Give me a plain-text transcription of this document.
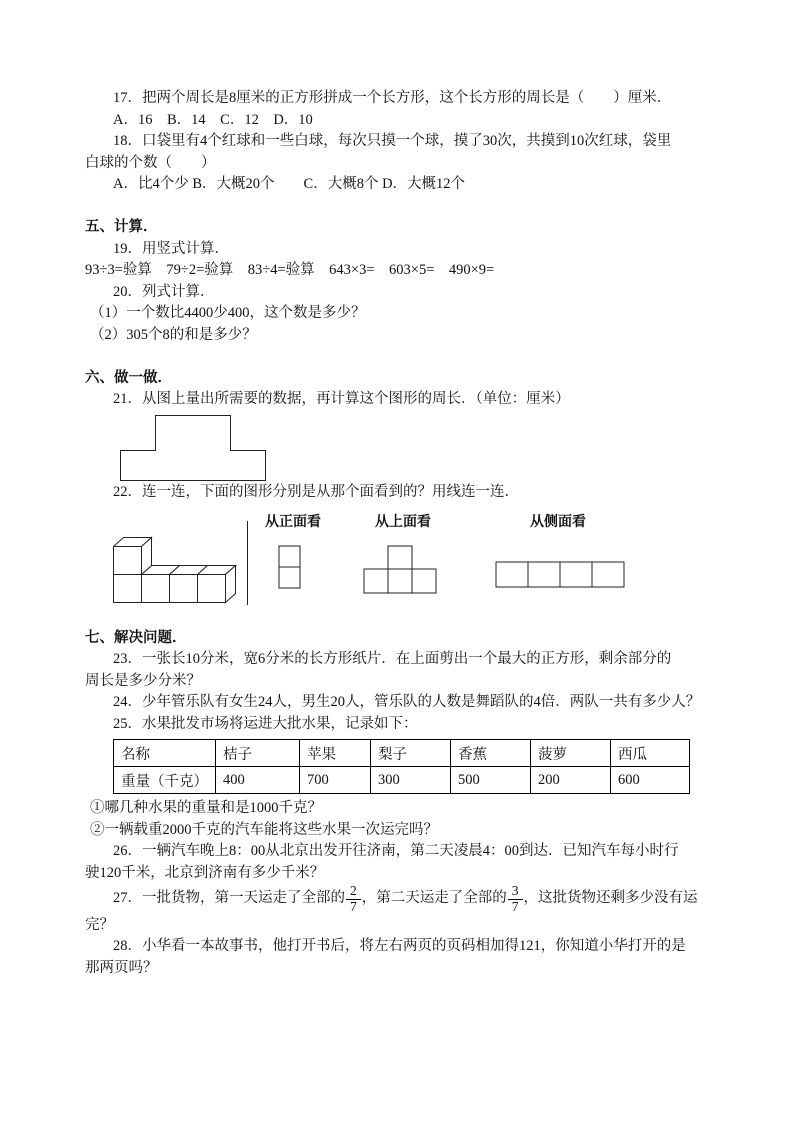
17．把两个周长是8厘米的正方形拼成一个长方形，这个长方形的周长是（　　）厘米．

A．16　B．14　C．12　D．10

18．口袋里有4个红球和一些白球，每次只摸一个球，摸了30次，共摸到10次红球，袋里

白球的个数（　　）

A．比4个少 B．大概20个　　C．大概8个 D．大概12个

五、计算．

19．用竖式计算．

93÷3=验算　79÷2=验算　83÷4=验算　643×3=　603×5=　490×9=

20．列式计算．

（1）一个数比4400少400，这个数是多少？

（2）305个8的和是多少？

六、做一做．

21．从图上量出所需要的数据，再计算这个图形的周长．（单位：厘米）

22．连一连，下面的图形分别是从那个面看到的？用线连一连．

从正面看	从上面看	从侧面看

七、解决问题．

23．一张长10分米，宽6分米的长方形纸片．在上面剪出一个最大的正方形，剩余部分的

周长是多少分米？

24．少年管乐队有女生24人，男生20人，管乐队的人数是舞蹈队的4倍．两队一共有多少人？

25．水果批发市场将运进大批水果，记录如下：

名称	桔子	苹果	梨子	香蕉	菠萝	西瓜
重量（千克）	400	700	300	500	200	600

①哪几种水果的重量和是1000千克？

②一辆载重2000千克的汽车能将这些水果一次运完吗？

26．一辆汽车晚上8：00从北京出发开往济南，第二天凌晨4：00到达．已知汽车每小时行

驶120千米，北京到济南有多少千米？

27．一批货物，第一天运走了全部的 $\frac{2}{7}$ ，第二天运走了全部的 $\frac{3}{7}$ ，这批货物还剩多少没有运

完？

28．小华看一本故事书，他打开书后，将左右两页的页码相加得121，你知道小华打开的是

那两页吗？
